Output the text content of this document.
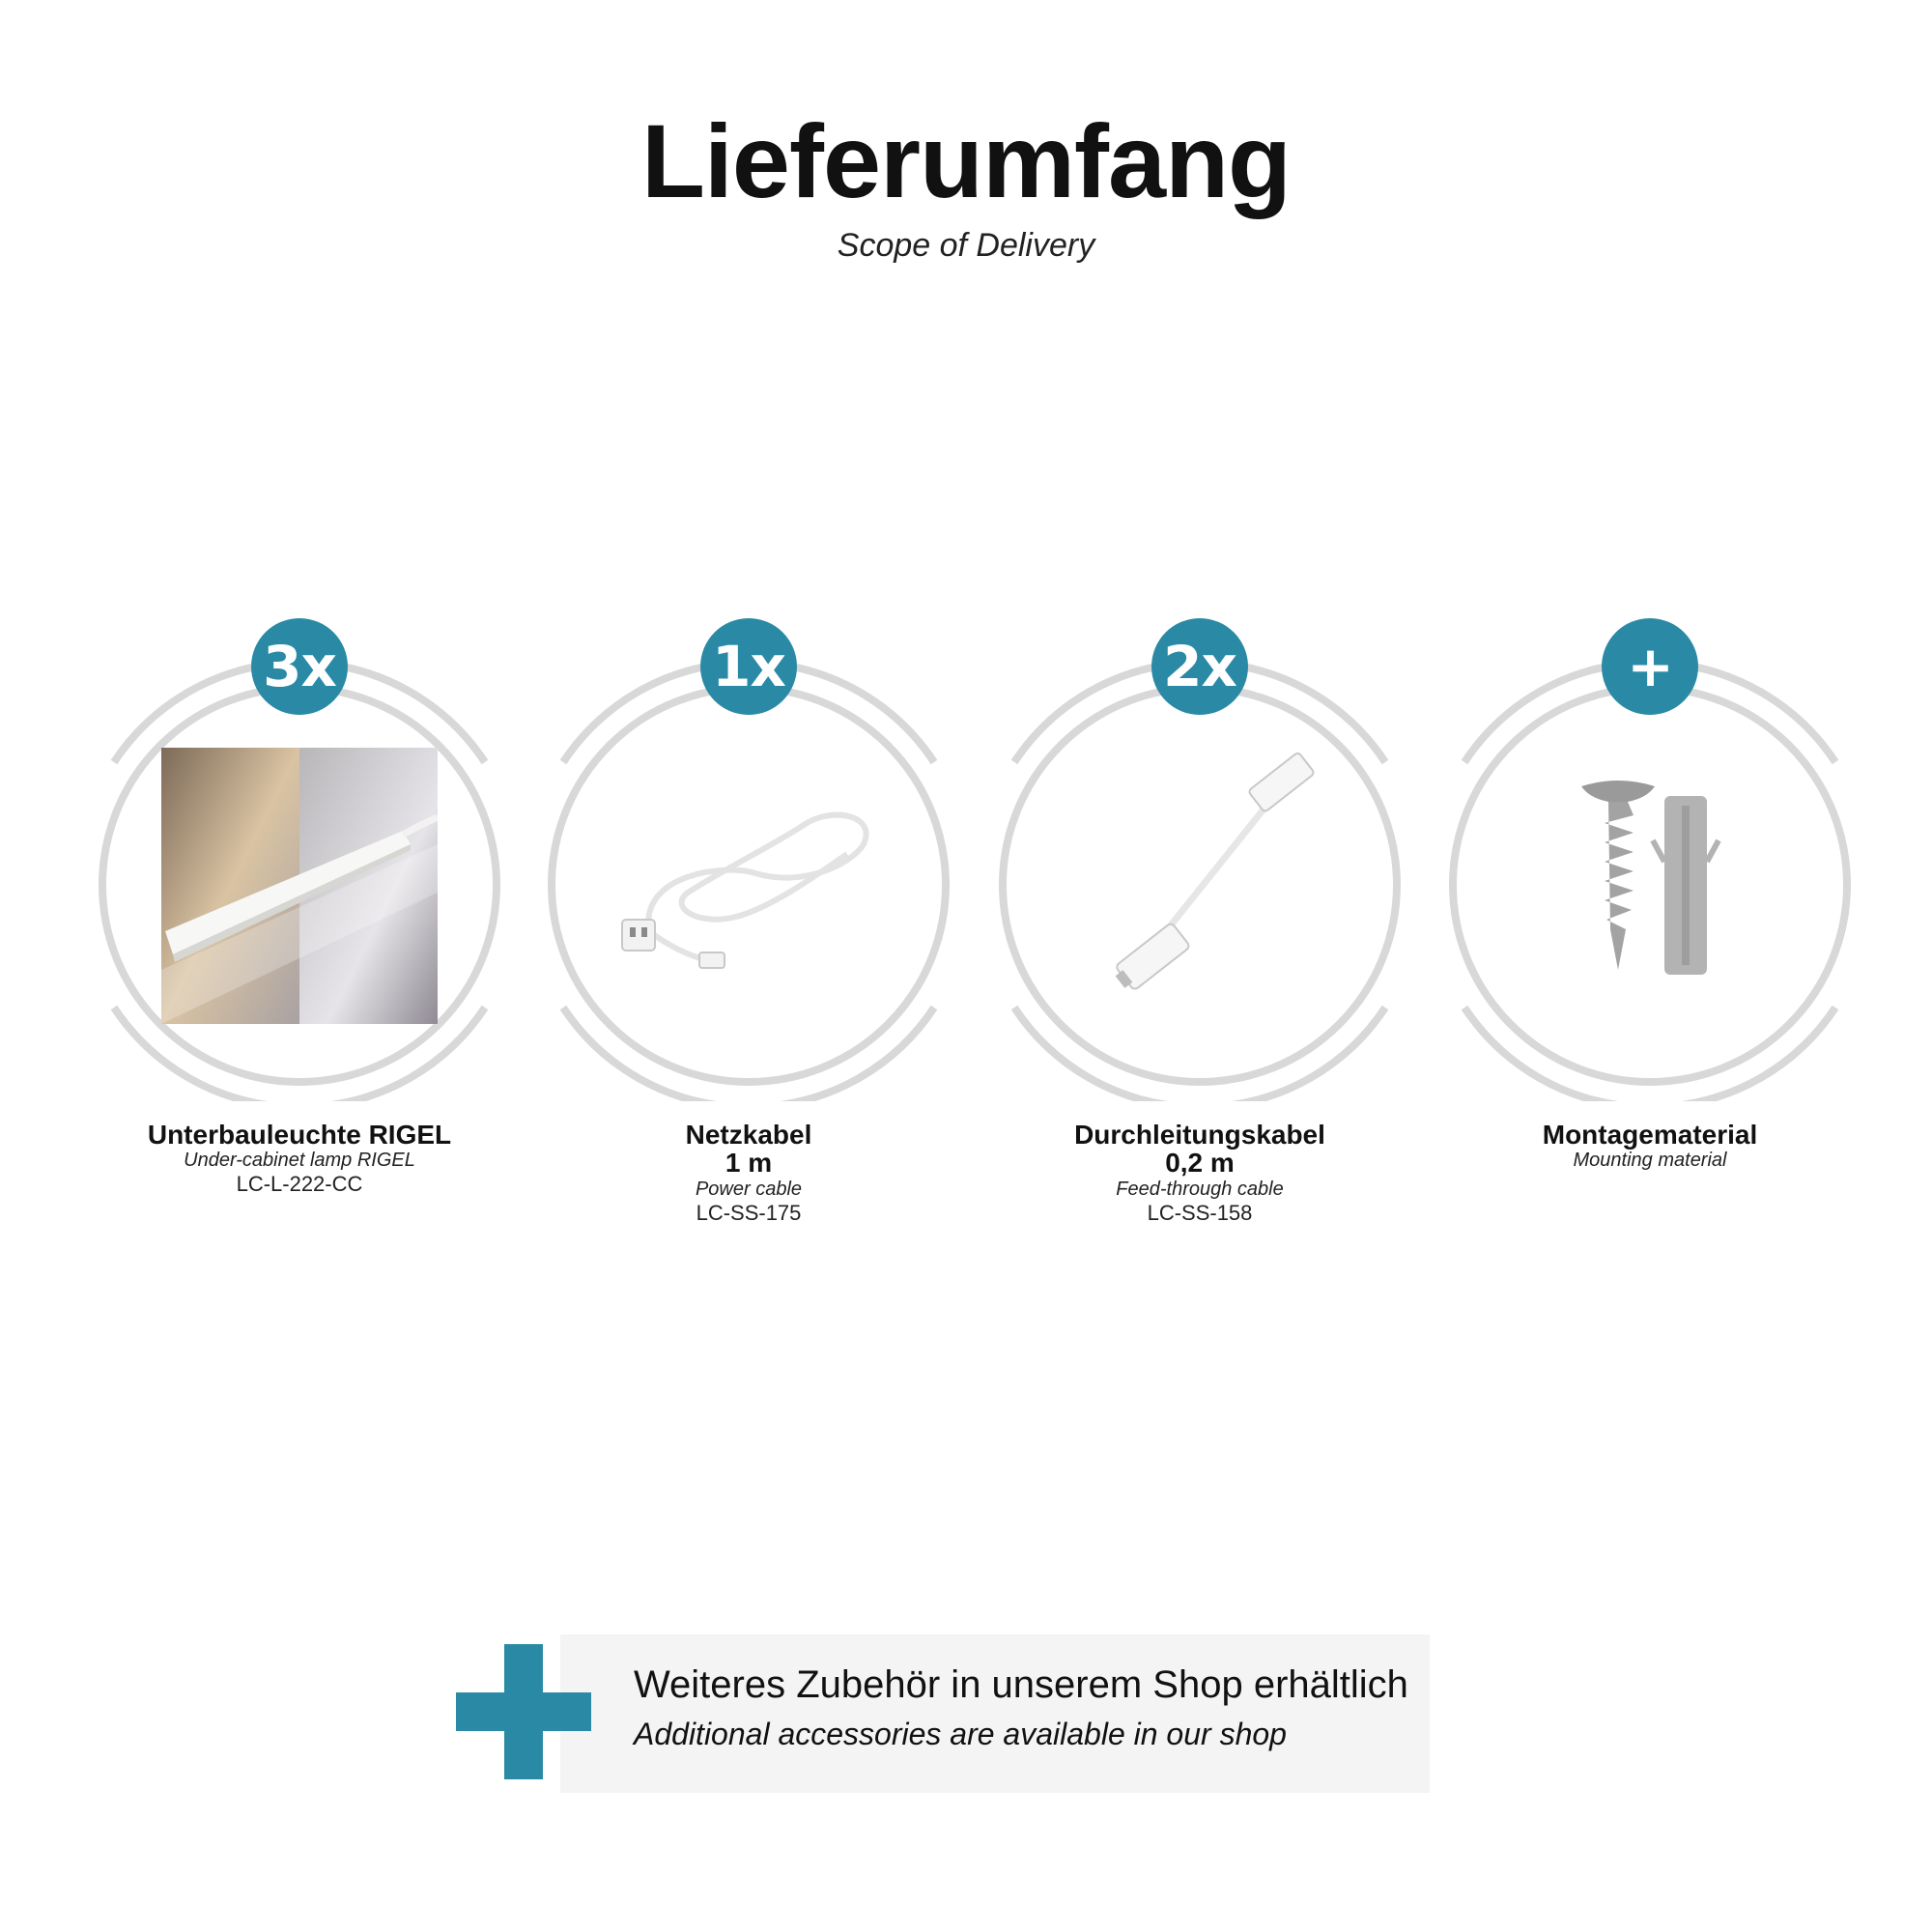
Lieferumfang
Scope of Delivery
3x
Unterbauleuchte RIGEL
Under-cabinet lamp RIGEL
LC-L-222-CC
1x
Netzkabel
1 m
Power cable
LC-SS-175
2x
Durchleitungskabel
0,2 m
Feed-through cable
LC-SS-158
+
Montagematerial
Mounting material
Weiteres Zubehör in unserem Shop erhältlich
Additional accessories are available in our shop
